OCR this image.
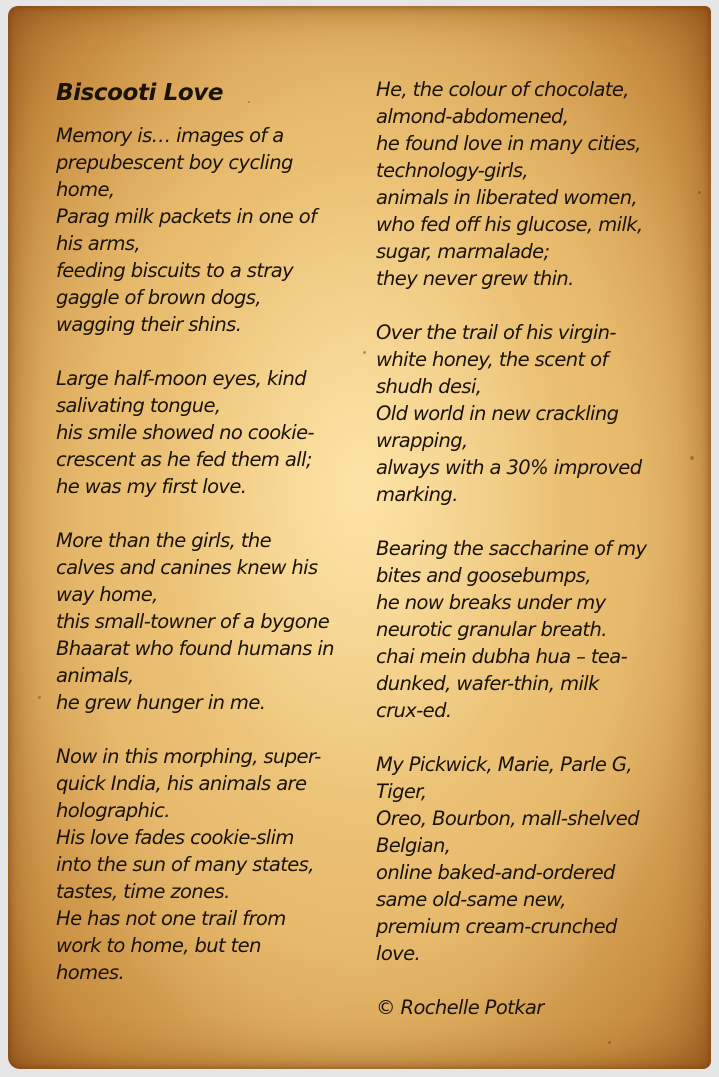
Biscooti Love
Memory is… images of a
prepubescent boy cycling
home,
Parag milk packets in one of
his arms,
feeding biscuits to a stray
gaggle of brown dogs,
wagging their shins.
Large half-moon eyes, kind
salivating tongue,
his smile showed no cookie-
crescent as he fed them all;
he was my first love.
More than the girls, the
calves and canines knew his
way home,
this small-towner of a bygone
Bhaarat who found humans in
animals,
he grew hunger in me.
Now in this morphing, super-
quick India, his animals are
holographic.
His love fades cookie-slim
into the sun of many states,
tastes, time zones.
He has not one trail from
work to home, but ten
homes.
He, the colour of chocolate,
almond-abdomened,
he found love in many cities,
technology-girls,
animals in liberated women,
who fed off his glucose, milk,
sugar, marmalade;
they never grew thin.
Over the trail of his virgin-
white honey, the scent of
shudh desi,
Old world in new crackling
wrapping,
always with a 30% improved
marking.
Bearing the saccharine of my
bites and goosebumps,
he now breaks under my
neurotic granular breath.
chai mein dubha hua – tea-
dunked, wafer-thin, milk
crux-ed.
My Pickwick, Marie, Parle G,
Tiger,
Oreo, Bourbon, mall-shelved
Belgian,
online baked-and-ordered
same old-same new,
premium cream-crunched
love.
© Rochelle Potkar
